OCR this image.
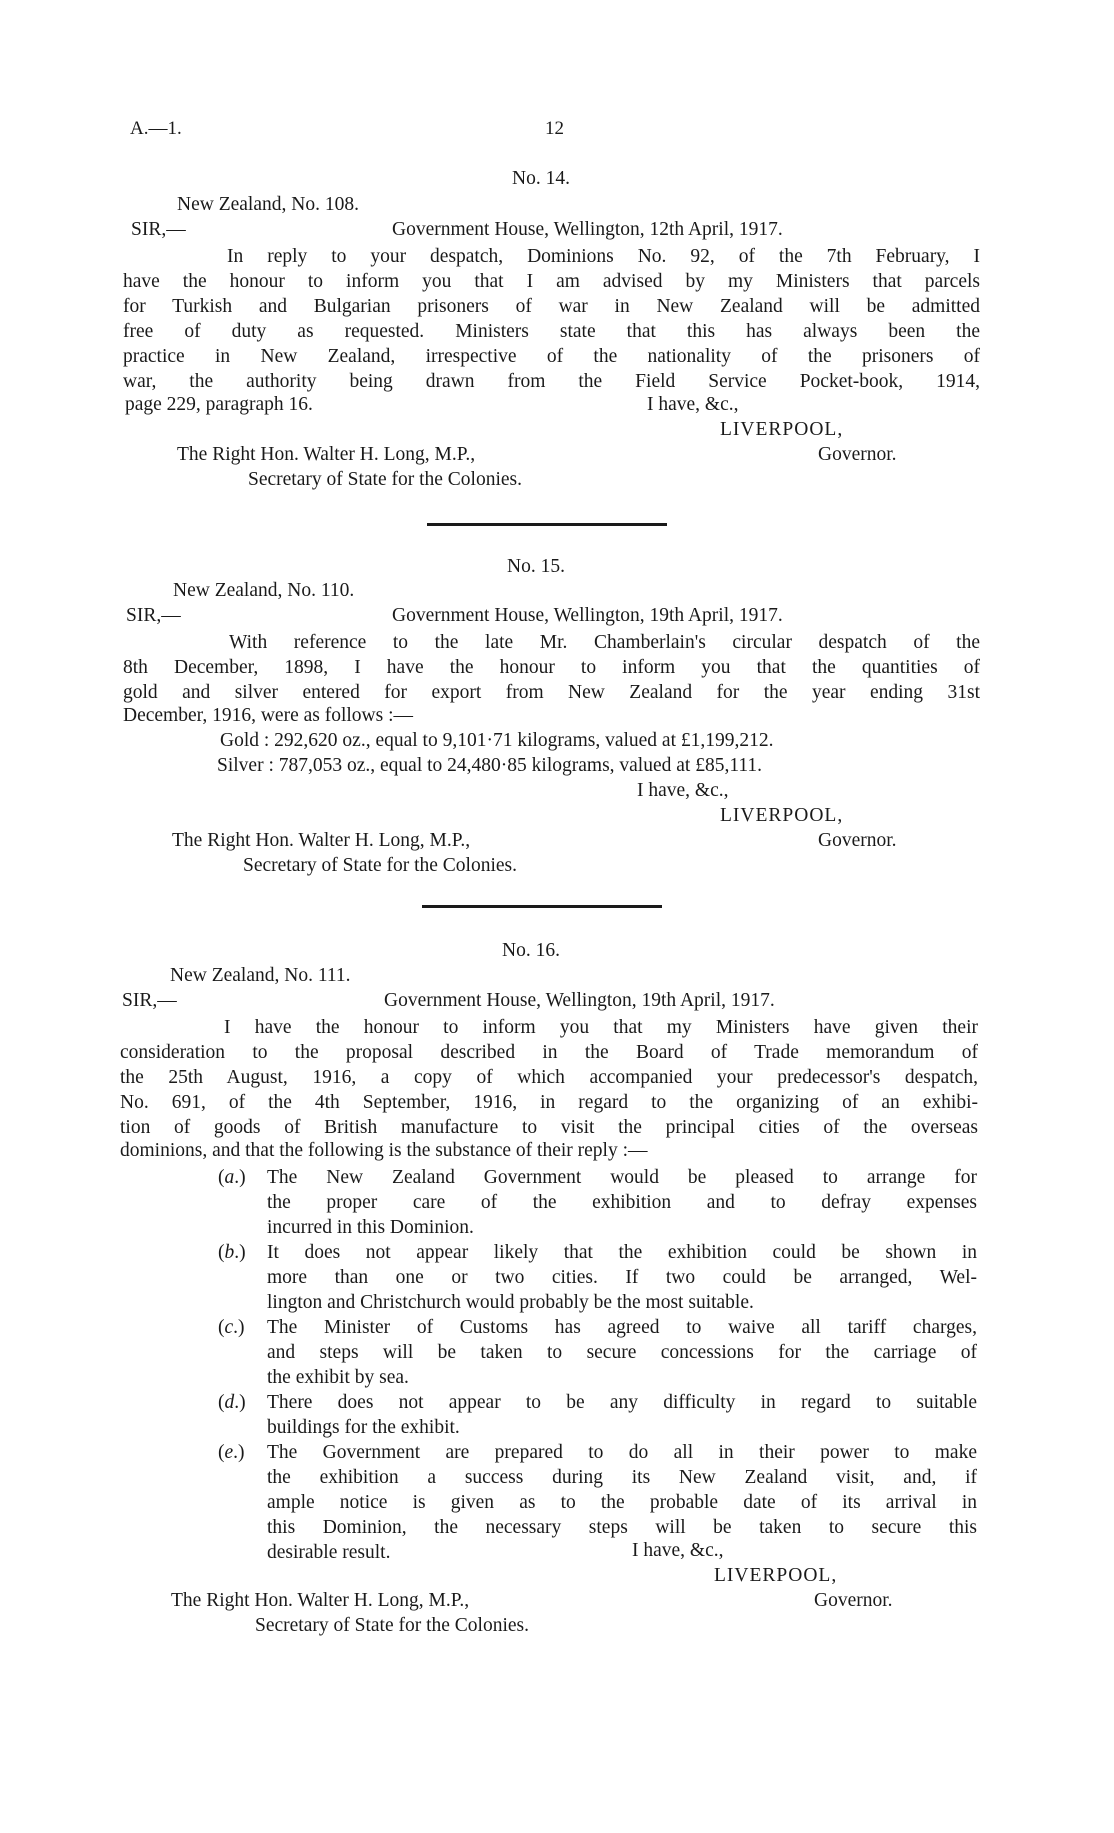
A.—1.	12
No. 14.
New Zealand, No. 108.
SIR,—	Government House, Wellington, 12th April, 1917.
In reply to your despatch, Dominions No. 92, of the 7th February, I
have the honour to inform you that I am advised by my Ministers that parcels
for Turkish and Bulgarian prisoners of war in New Zealand will be admitted
free of duty as requested. Ministers state that this has always been the
practice in New Zealand, irrespective of the nationality of the prisoners of
war, the authority being drawn from the Field Service Pocket-book, 1914,
page 229, paragraph 16.	I have, &c.,
LIVERPOOL,
The Right Hon. Walter H. Long, M.P.,	Governor.
Secretary of State for the Colonies.
No. 15.
New Zealand, No. 110.
SIR,—	Government House, Wellington, 19th April, 1917.
With reference to the late Mr. Chamberlain's circular despatch of the
8th December, 1898, I have the honour to inform you that the quantities of
gold and silver entered for export from New Zealand for the year ending 31st
December, 1916, were as follows :—
Gold : 292,620 oz., equal to 9,101·71 kilograms, valued at £1,199,212.
Silver : 787,053 oz., equal to 24,480·85 kilograms, valued at £85,111.
I have, &c.,
LIVERPOOL,
The Right Hon. Walter H. Long, M.P.,	Governor.
Secretary of State for the Colonies.
No. 16.
New Zealand, No. 111.
SIR,—	Government House, Wellington, 19th April, 1917.
I have the honour to inform you that my Ministers have given their
consideration to the proposal described in the Board of Trade memorandum of
the 25th August, 1916, a copy of which accompanied your predecessor's despatch,
No. 691, of the 4th September, 1916, in regard to the organizing of an exhibi-
tion of goods of British manufacture to visit the principal cities of the overseas
dominions, and that the following is the substance of their reply :—
(a.) The New Zealand Government would be pleased to arrange for
the proper care of the exhibition and to defray expenses
incurred in this Dominion.
(b.) It does not appear likely that the exhibition could be shown in
more than one or two cities. If two could be arranged, Wel-
lington and Christchurch would probably be the most suitable.
(c.) The Minister of Customs has agreed to waive all tariff charges,
and steps will be taken to secure concessions for the carriage of
the exhibit by sea.
(d.) There does not appear to be any difficulty in regard to suitable
buildings for the exhibit.
(e.) The Government are prepared to do all in their power to make
the exhibition a success during its New Zealand visit, and, if
ample notice is given as to the probable date of its arrival in
this Dominion, the necessary steps will be taken to secure this
desirable result.	I have, &c.,
LIVERPOOL,
The Right Hon. Walter H. Long, M.P.,	Governor.
Secretary of State for the Colonies.
